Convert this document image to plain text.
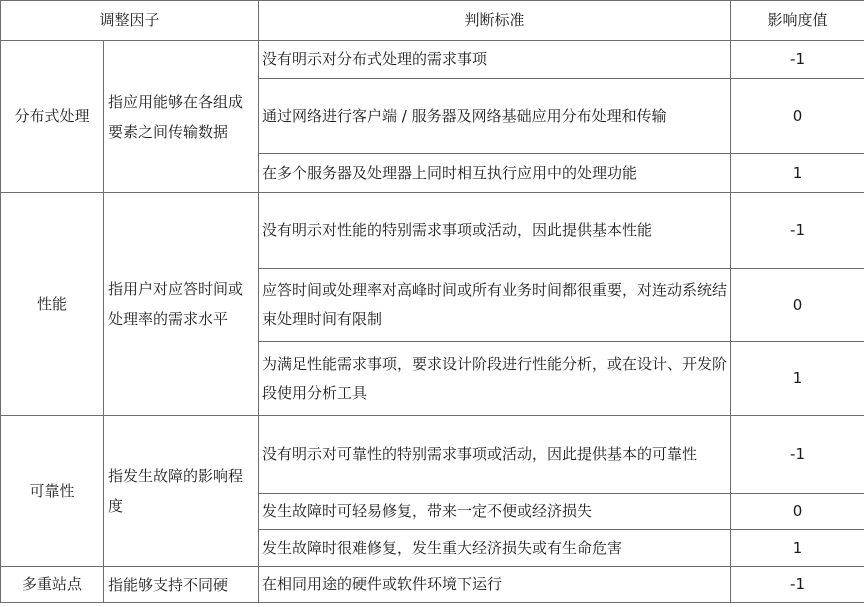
调整因子		判断标准	影响度值
分布式处理	指应用能够在各组成要素之间传输数据	没有明示对分布式处理的需求事项	-1
		通过网络进行客户端 / 服务器及网络基础应用分布处理和传输	0
		在多个服务器及处理器上同时相互执行应用中的处理功能	1
性能	指用户对应答时间或处理率的需求水平	没有明示对性能的特别需求事项或活动，因此提供基本性能	-1
		应答时间或处理率对高峰时间或所有业务时间都很重要，对连动系统结束处理时间有限制	0
		为满足性能需求事项，要求设计阶段进行性能分析，或在设计、开发阶段使用分析工具	1
可靠性	指发生故障的影响程度	没有明示对可靠性的特别需求事项或活动，因此提供基本的可靠性	-1
		发生故障时可轻易修复，带来一定不便或经济损失	0
		发生故障时很难修复，发生重大经济损失或有生命危害	1
多重站点	指能够支持不同硬	在相同用途的硬件或软件环境下运行	-1
